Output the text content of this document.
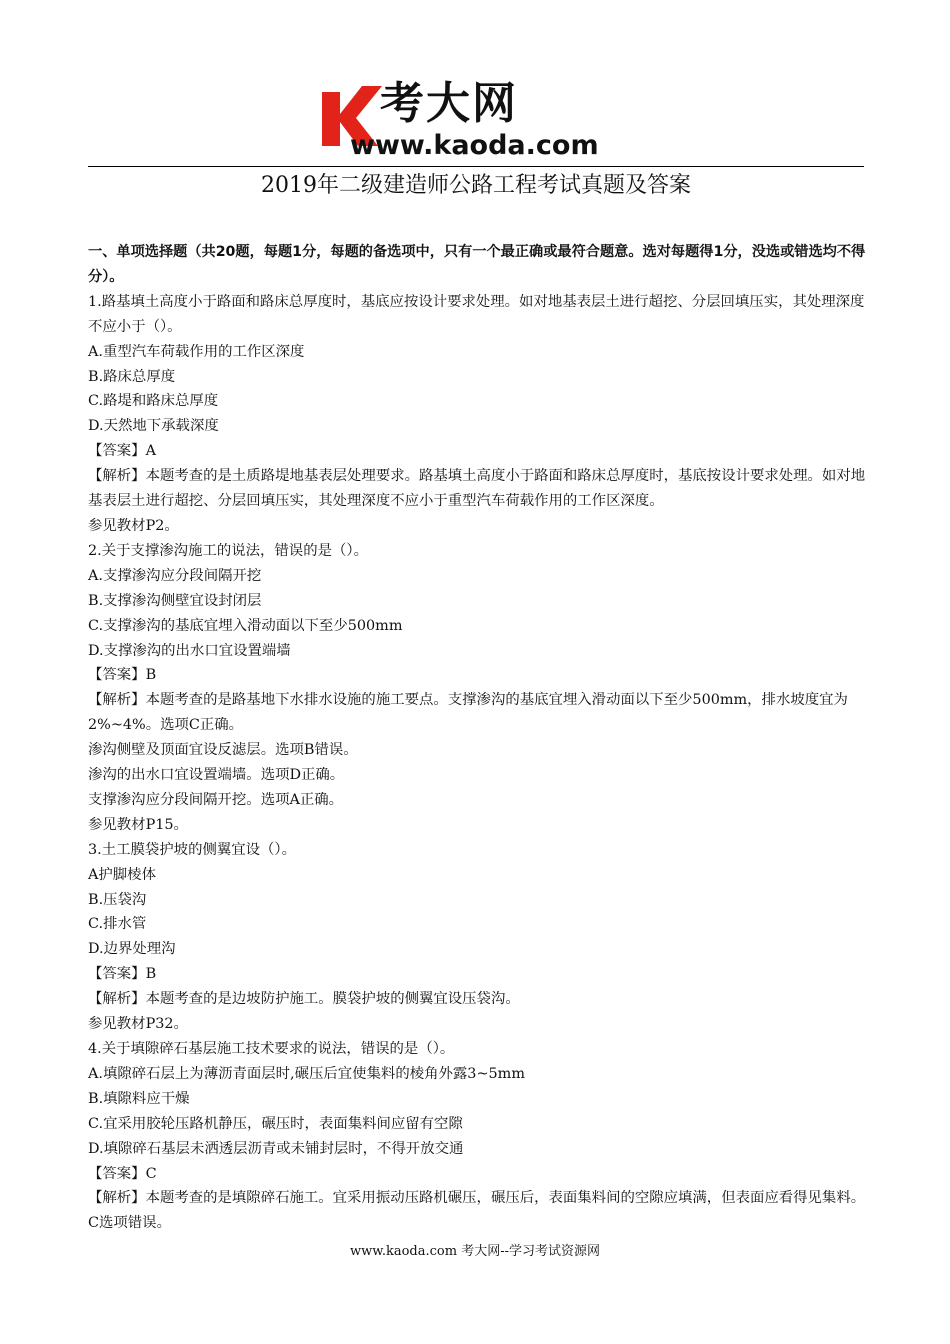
考大网
www.kaoda.com
2019年二级建造师公路工程考试真题及答案

一、单项选择题（共20题，每题1分，每题的备选项中，只有一个最正确或最符合题意。选对每题得1分，没选或错选均不得分）。

1.路基填土高度小于路面和路床总厚度时，基底应按设计要求处理。如对地基表层土进行超挖、分层回填压实，其处理深度不应小于（）。

A.重型汽车荷载作用的工作区深度

B.路床总厚度

C.路堤和路床总厚度

D.天然地下承载深度

【答案】A

【解析】本题考查的是土质路堤地基表层处理要求。路基填土高度小于路面和路床总厚度时，基底按设计要求处理。如对地基表层土进行超挖、分层回填压实，其处理深度不应小于重型汽车荷载作用的工作区深度。

参见教材P2。

2.关于支撑渗沟施工的说法，错误的是（）。

A.支撑渗沟应分段间隔开挖

B.支撑渗沟侧壁宜设封闭层

C.支撑渗沟的基底宜埋入滑动面以下至少500mm

D.支撑渗沟的出水口宜设置端墙

【答案】B

【解析】本题考查的是路基地下水排水设施的施工要点。支撑渗沟的基底宜埋入滑动面以下至少500mm，排水坡度宜为2%~4%。选项C正确。

渗沟侧壁及顶面宜设反滤层。选项B错误。

渗沟的出水口宜设置端墙。选项D正确。

支撑渗沟应分段间隔开挖。选项A正确。

参见教材P15。

3.土工膜袋护坡的侧翼宜设（）。

A护脚棱体

B.压袋沟

C.排水管

D.边界处理沟

【答案】B

【解析】本题考查的是边坡防护施工。膜袋护坡的侧翼宜设压袋沟。

参见教材P32。

4.关于填隙碎石基层施工技术要求的说法，错误的是（）。

A.填隙碎石层上为薄沥青面层时,碾压后宜使集料的棱角外露3~5mm

B.填隙料应干燥

C.宜采用胶轮压路机静压，碾压时，表面集料间应留有空隙

D.填隙碎石基层未洒透层沥青或未铺封层时，不得开放交通

【答案】C

【解析】本题考查的是填隙碎石施工。宜采用振动压路机碾压，碾压后，表面集料间的空隙应填满，但表面应看得见集料。C选项错误。

www.kaoda.com 考大网--学习考试资源网
